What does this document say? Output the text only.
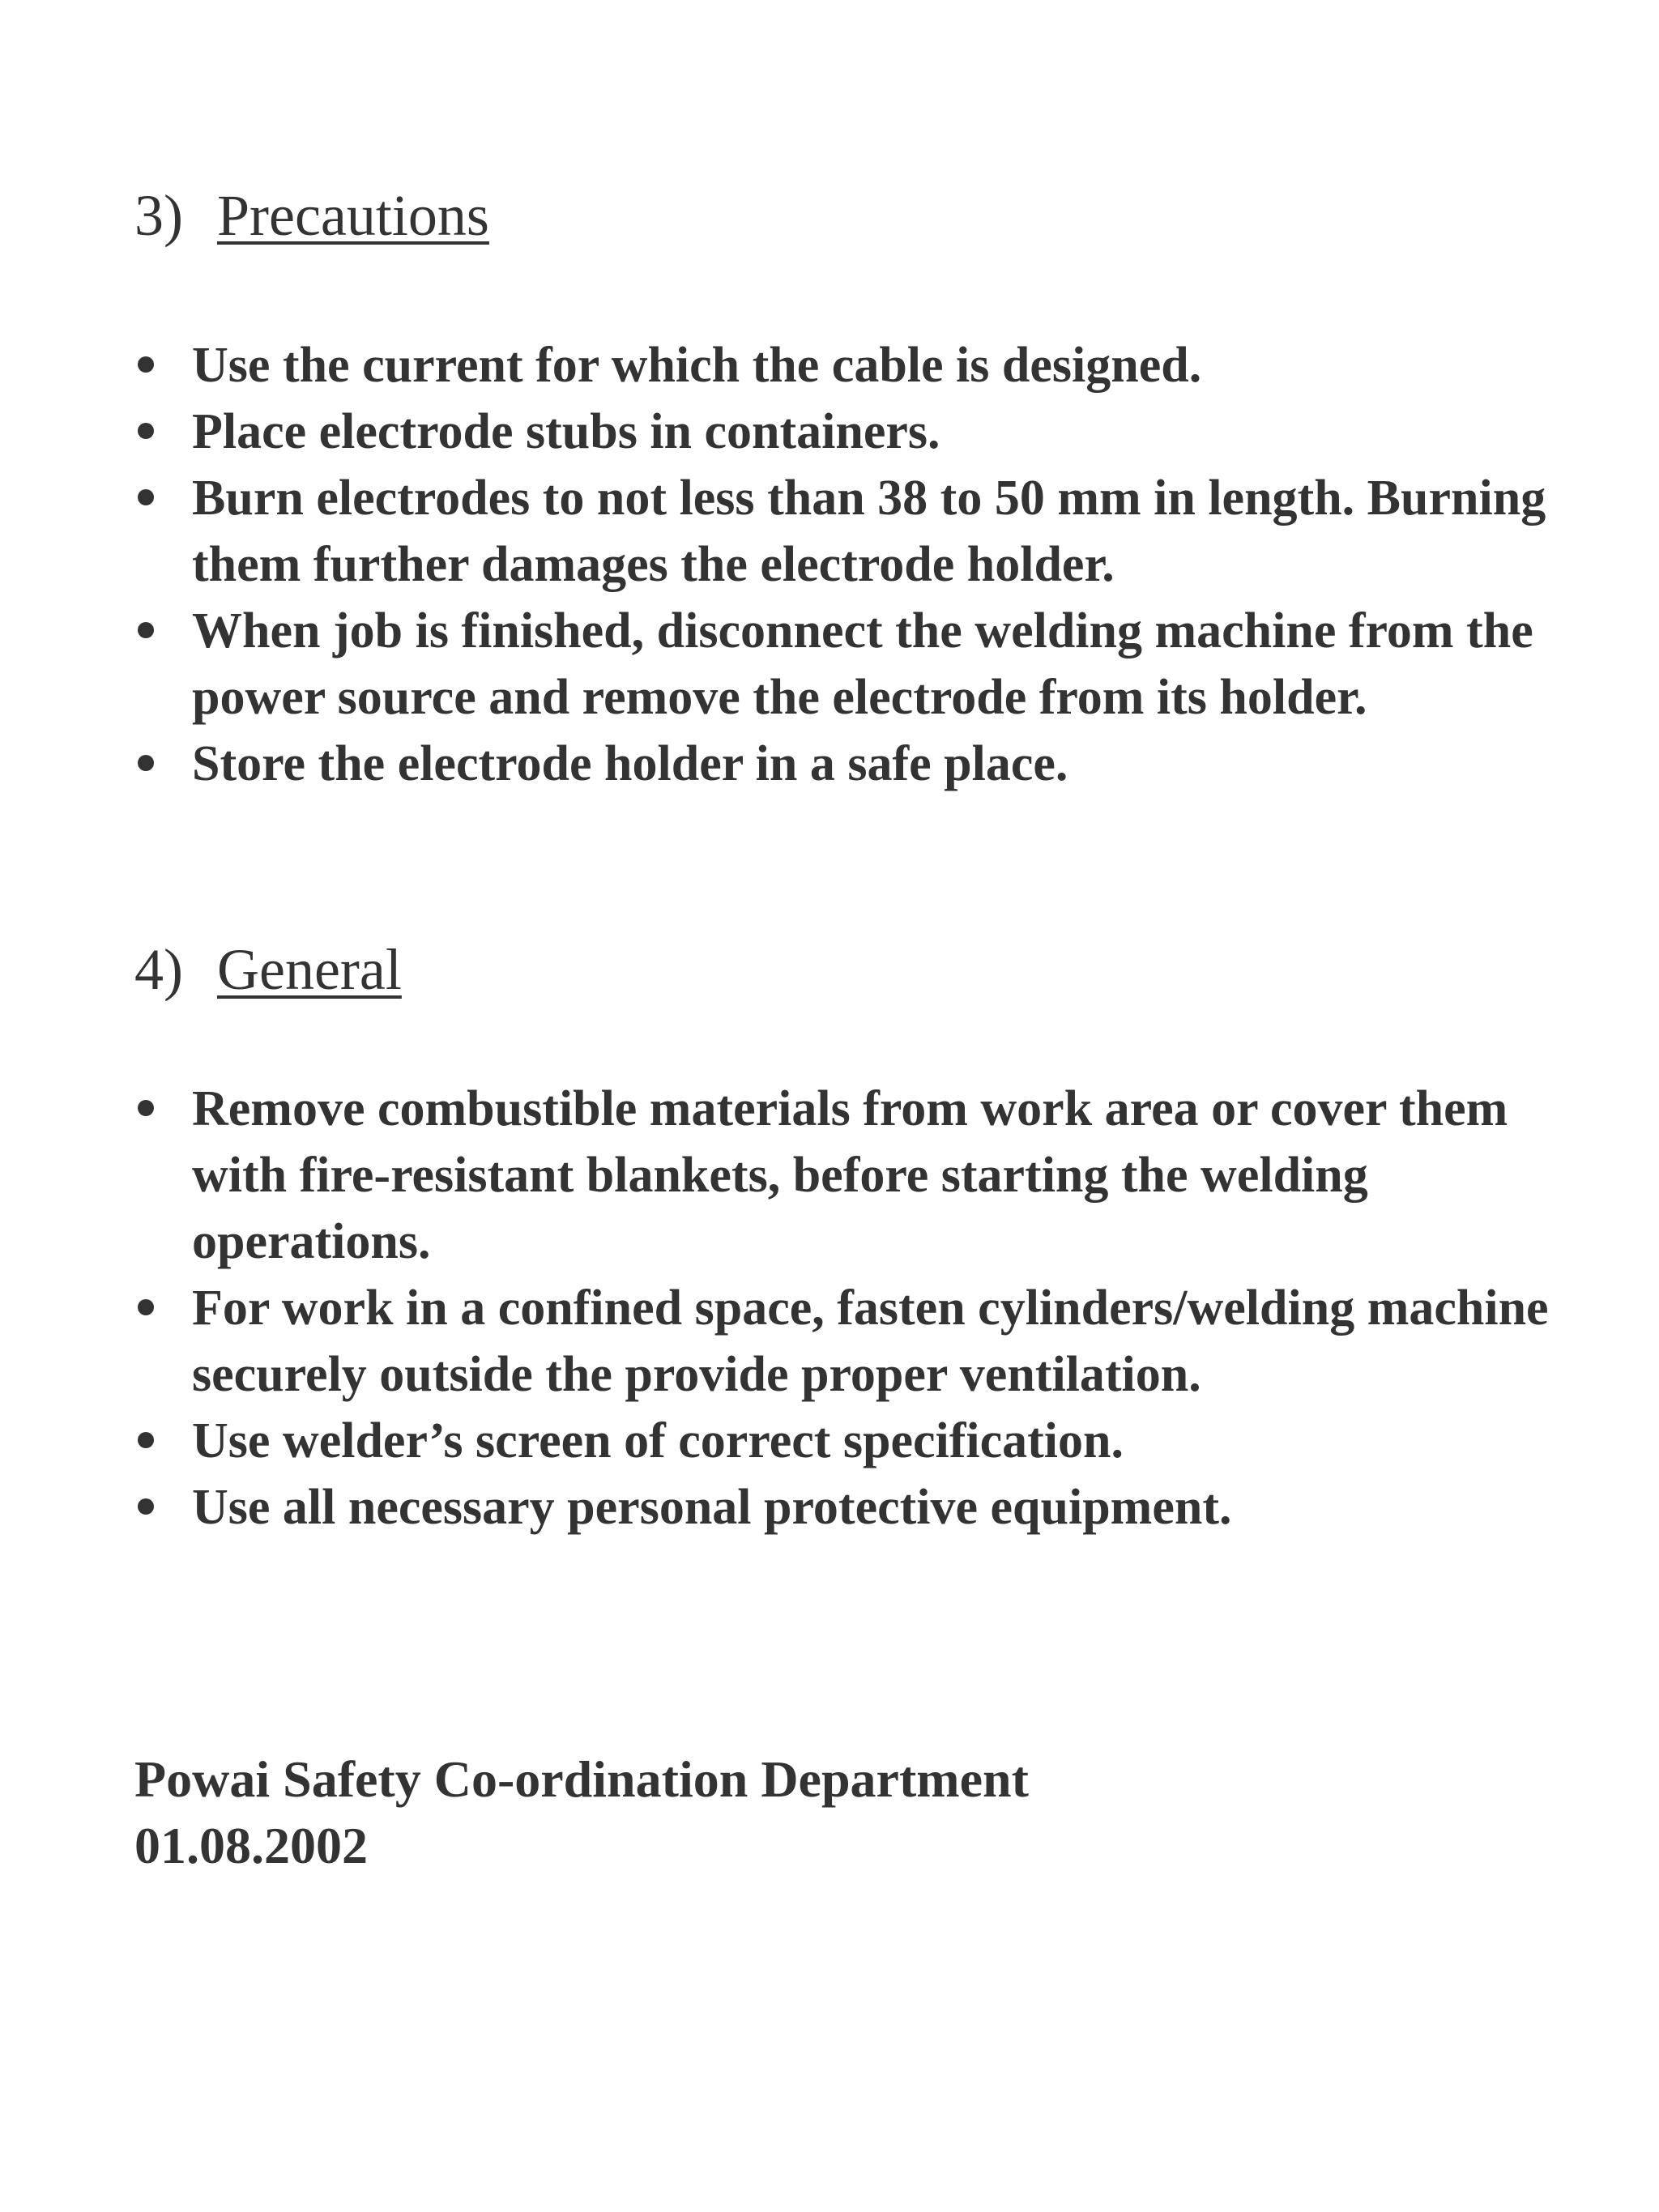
3) Precautions
Use the current for which the cable is designed.
Place electrode stubs in containers.
Burn electrodes to not less than 38 to 50 mm in length. Burning them further damages the electrode holder.
When job is finished, disconnect the welding machine from the power source and remove the electrode from its holder.
Store the electrode holder in a safe place.
4) General
Remove combustible materials from work area or cover them with fire-resistant blankets, before starting the welding operations.
For work in a confined space, fasten cylinders/welding machine securely outside the provide proper ventilation.
Use welder’s screen of correct specification.
Use all necessary personal protective equipment.
Powai Safety Co-ordination Department
01.08.2002
